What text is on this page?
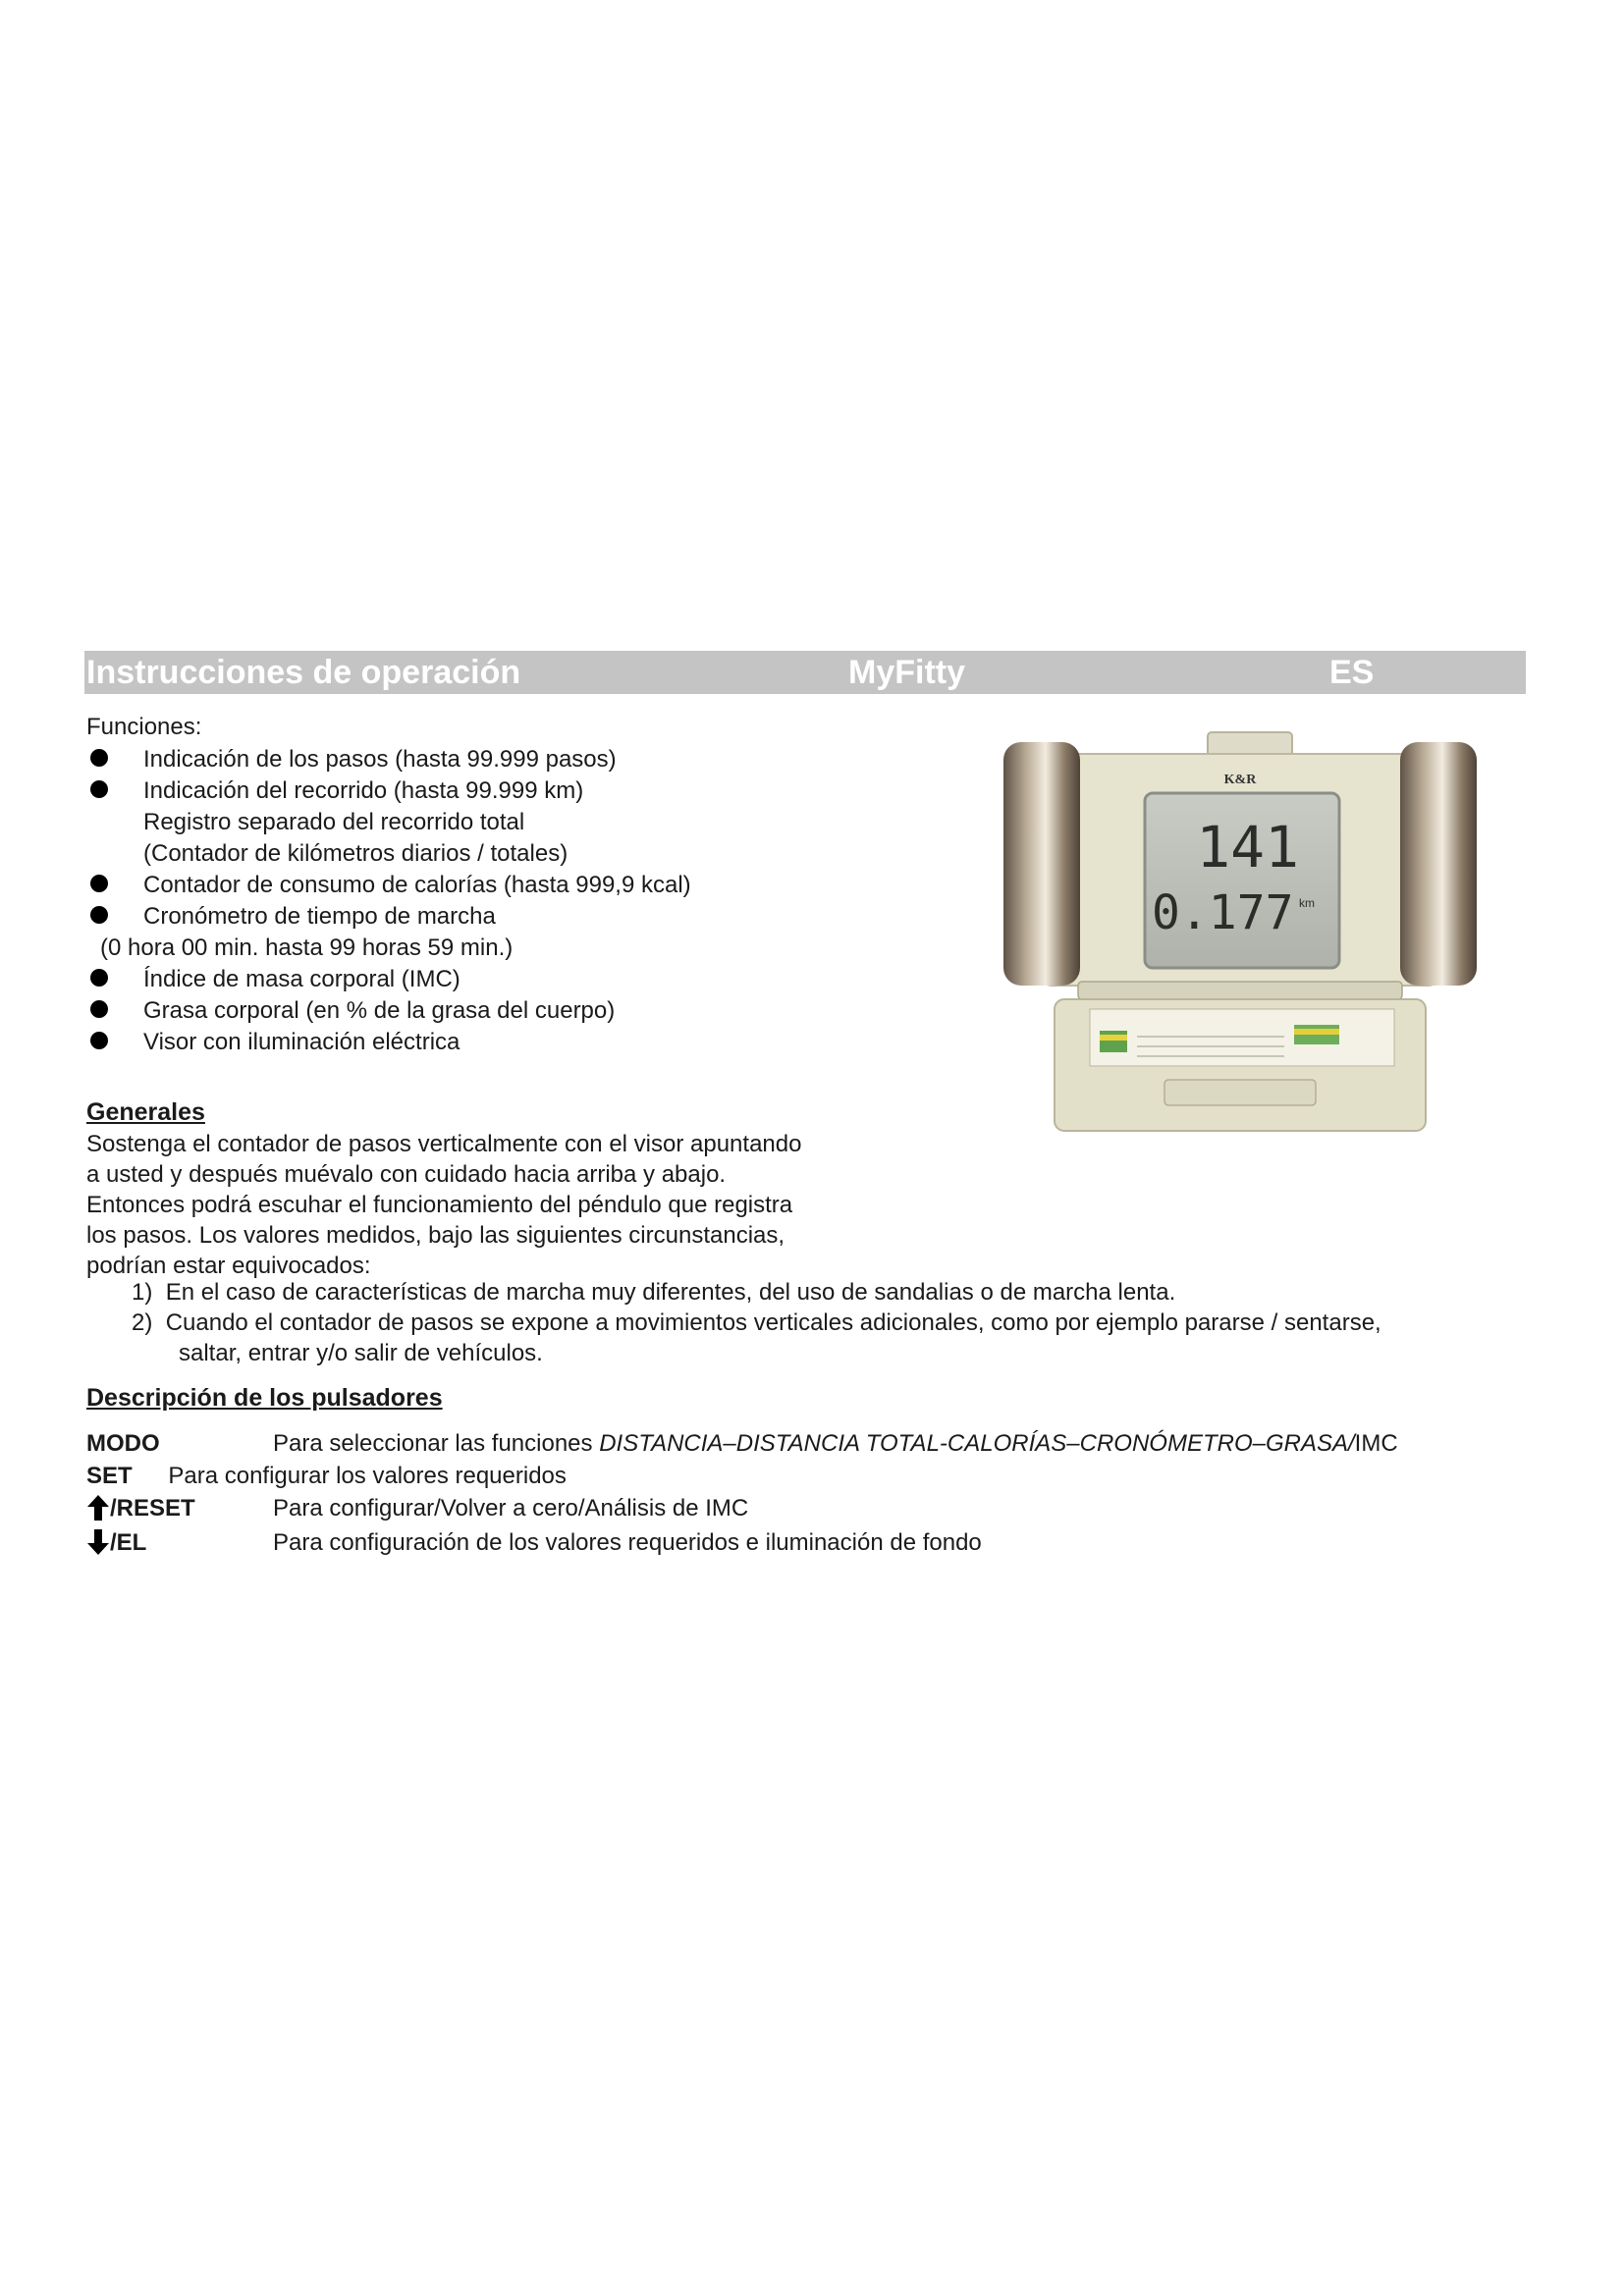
Instrucciones de operación	MyFitty	ES
Funciones:
Indicación de los pasos (hasta 99.999 pasos)
Indicación del recorrido (hasta 99.999 km)
Registro separado del recorrido total
(Contador de kilómetros diarios / totales)
Contador de consumo de calorías (hasta 999,9 kcal)
Cronómetro de tiempo de marcha
(0 hora 00 min. hasta 99 horas 59 min.)
Índice de masa corporal (IMC)
Grasa corporal (en % de la grasa del cuerpo)
Visor con iluminación eléctrica
K&R
141
0.177 km
Generales
Sostenga el contador de pasos verticalmente con el visor apuntando
a usted y después muévalo con cuidado hacia arriba y abajo.
Entonces podrá escuhar el funcionamiento del péndulo que registra
los pasos. Los valores medidos, bajo las siguientes circunstancias,
podrían estar equivocados:
1) En el caso de características de marcha muy diferentes, del uso de sandalias o de marcha lenta.
2) Cuando el contador de pasos se expone a movimientos verticales adicionales, como por ejemplo pararse / sentarse,
saltar, entrar y/o salir de vehículos.
Descripción de los pulsadores
MODO	Para seleccionar las funciones DISTANCIA–DISTANCIA TOTAL-CALORÍAS–CRONÓMETRO–GRASA/IMC
SET Para configurar los valores requeridos
/RESET	Para configurar/Volver a cero/Análisis de IMC
/EL	Para configuración de los valores requeridos e iluminación de fondo
